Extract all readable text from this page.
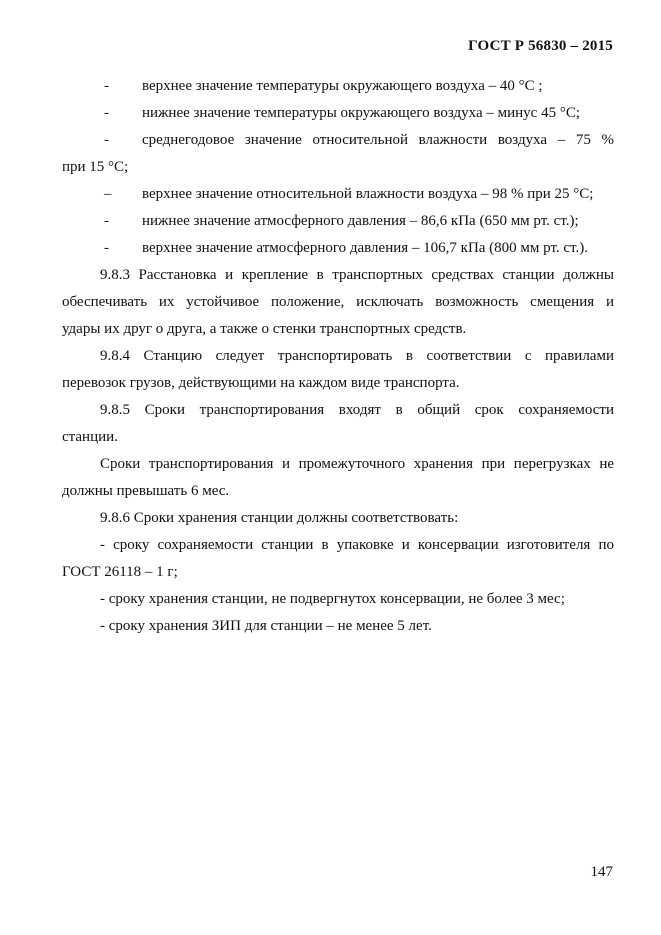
ГОСТ Р 56830 – 2015
- верхнее значение температуры окружающего воздуха – 40 °C ;
- нижнее значение температуры окружающего воздуха – минус 45 °C;
- среднегодовое значение относительной влажности воздуха – 75 %
при 15 °C;
– верхнее значение относительной влажности воздуха – 98 % при 25 °C;
- нижнее значение атмосферного давления – 86,6 кПа (650 мм рт. ст.);
- верхнее значение атмосферного давления – 106,7 кПа (800 мм рт. ст.).
9.8.3 Расстановка и крепление в транспортных средствах станции должны
обеспечивать их устойчивое положение, исключать возможность смещения и
удары их друг о друга, а также о стенки транспортных средств.
9.8.4 Станцию следует транспортировать в соответствии с правилами
перевозок грузов, действующими на каждом виде транспорта.
9.8.5 Сроки транспортирования входят в общий срок сохраняемости
станции.
Сроки транспортирования и промежуточного хранения при перегрузках не
должны превышать 6 мес.
9.8.6 Сроки хранения станции должны соответствовать:
- сроку сохраняемости станции в упаковке и консервации изготовителя по
ГОСТ 26118 – 1 г;
- сроку хранения станции, не подвергнутох консервации, не более 3 мес;
- сроку хранения ЗИП для станции – не менее 5 лет.
147
